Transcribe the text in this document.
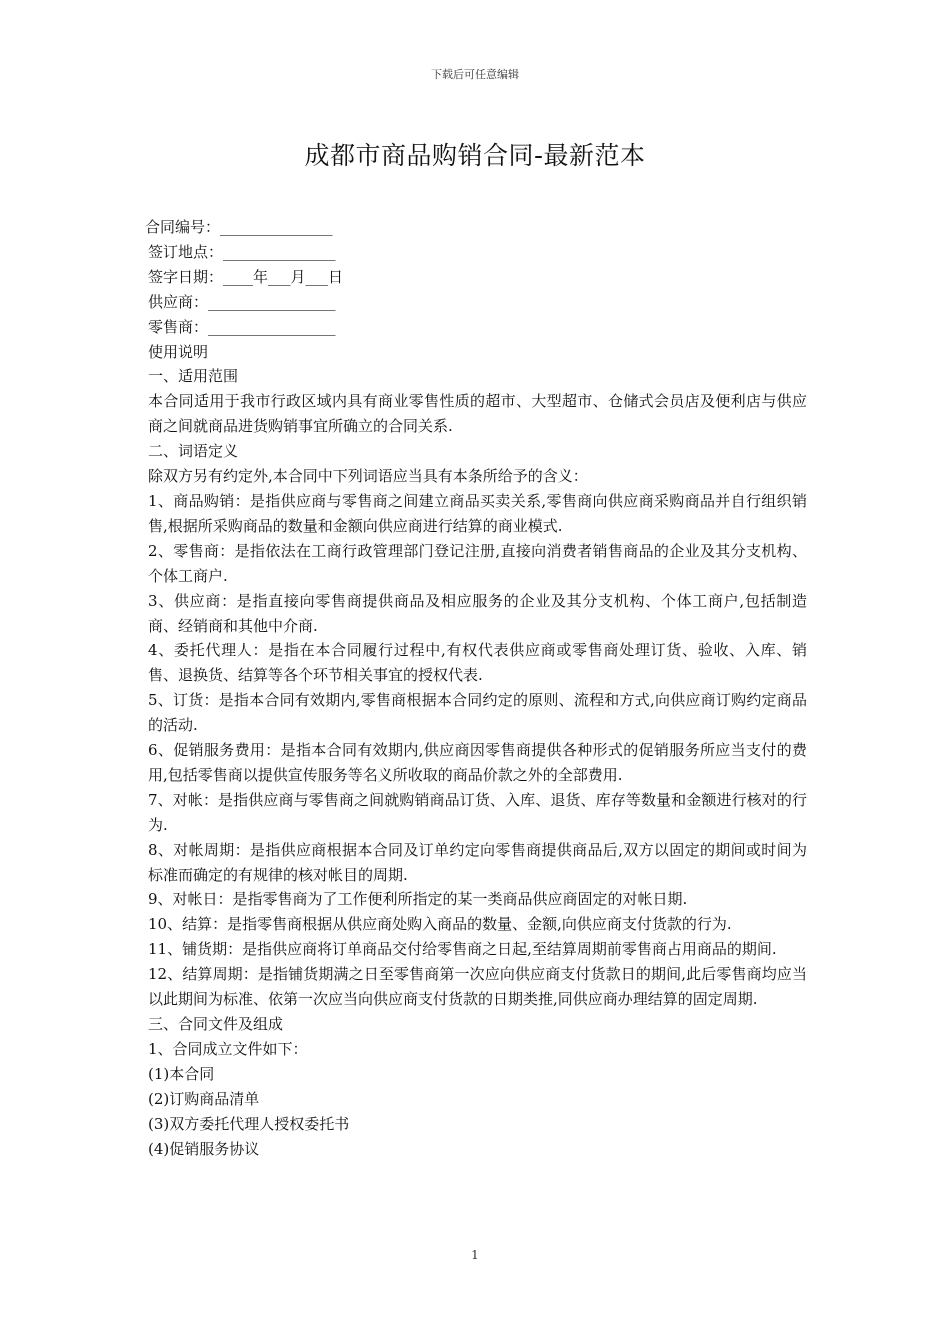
下载后可任意编辑
成都市商品购销合同-最新范本
合同编号：_______________
签订地点：_______________
签字日期：____年___月___日
供应商：_________________
零售商：_________________
使用说明
一、适用范围
本合同适用于我市行政区域内具有商业零售性质的超市、大型超市、仓储式会员店及便利店与供应商之间就商品进货购销事宜所确立的合同关系.
二、词语定义
除双方另有约定外,本合同中下列词语应当具有本条所给予的含义：
1、商品购销：是指供应商与零售商之间建立商品买卖关系,零售商向供应商采购商品并自行组织销售,根据所采购商品的数量和金额向供应商进行结算的商业模式.
2、零售商：是指依法在工商行政管理部门登记注册,直接向消费者销售商品的企业及其分支机构、个体工商户.
3、供应商：是指直接向零售商提供商品及相应服务的企业及其分支机构、个体工商户,包括制造商、经销商和其他中介商.
4、委托代理人：是指在本合同履行过程中,有权代表供应商或零售商处理订货、验收、入库、销售、退换货、结算等各个环节相关事宜的授权代表.
5、订货：是指本合同有效期内,零售商根据本合同约定的原则、流程和方式,向供应商订购约定商品的活动.
6、促销服务费用：是指本合同有效期内,供应商因零售商提供各种形式的促销服务所应当支付的费用,包括零售商以提供宣传服务等名义所收取的商品价款之外的全部费用.
7、对帐：是指供应商与零售商之间就购销商品订货、入库、退货、库存等数量和金额进行核对的行为.
8、对帐周期：是指供应商根据本合同及订单约定向零售商提供商品后,双方以固定的期间或时间为标准而确定的有规律的核对帐目的周期.
9、对帐日：是指零售商为了工作便利所指定的某一类商品供应商固定的对帐日期.
10、结算：是指零售商根据从供应商处购入商品的数量、金额,向供应商支付货款的行为.
11、铺货期：是指供应商将订单商品交付给零售商之日起,至结算周期前零售商占用商品的期间.
12、结算周期：是指铺货期满之日至零售商第一次应向供应商支付货款日的期间,此后零售商均应当以此期间为标准、依第一次应当向供应商支付货款的日期类推,同供应商办理结算的固定周期.
三、合同文件及组成
1、合同成立文件如下：
(1)本合同
(2)订购商品清单
(3)双方委托代理人授权委托书
(4)促销服务协议
1
